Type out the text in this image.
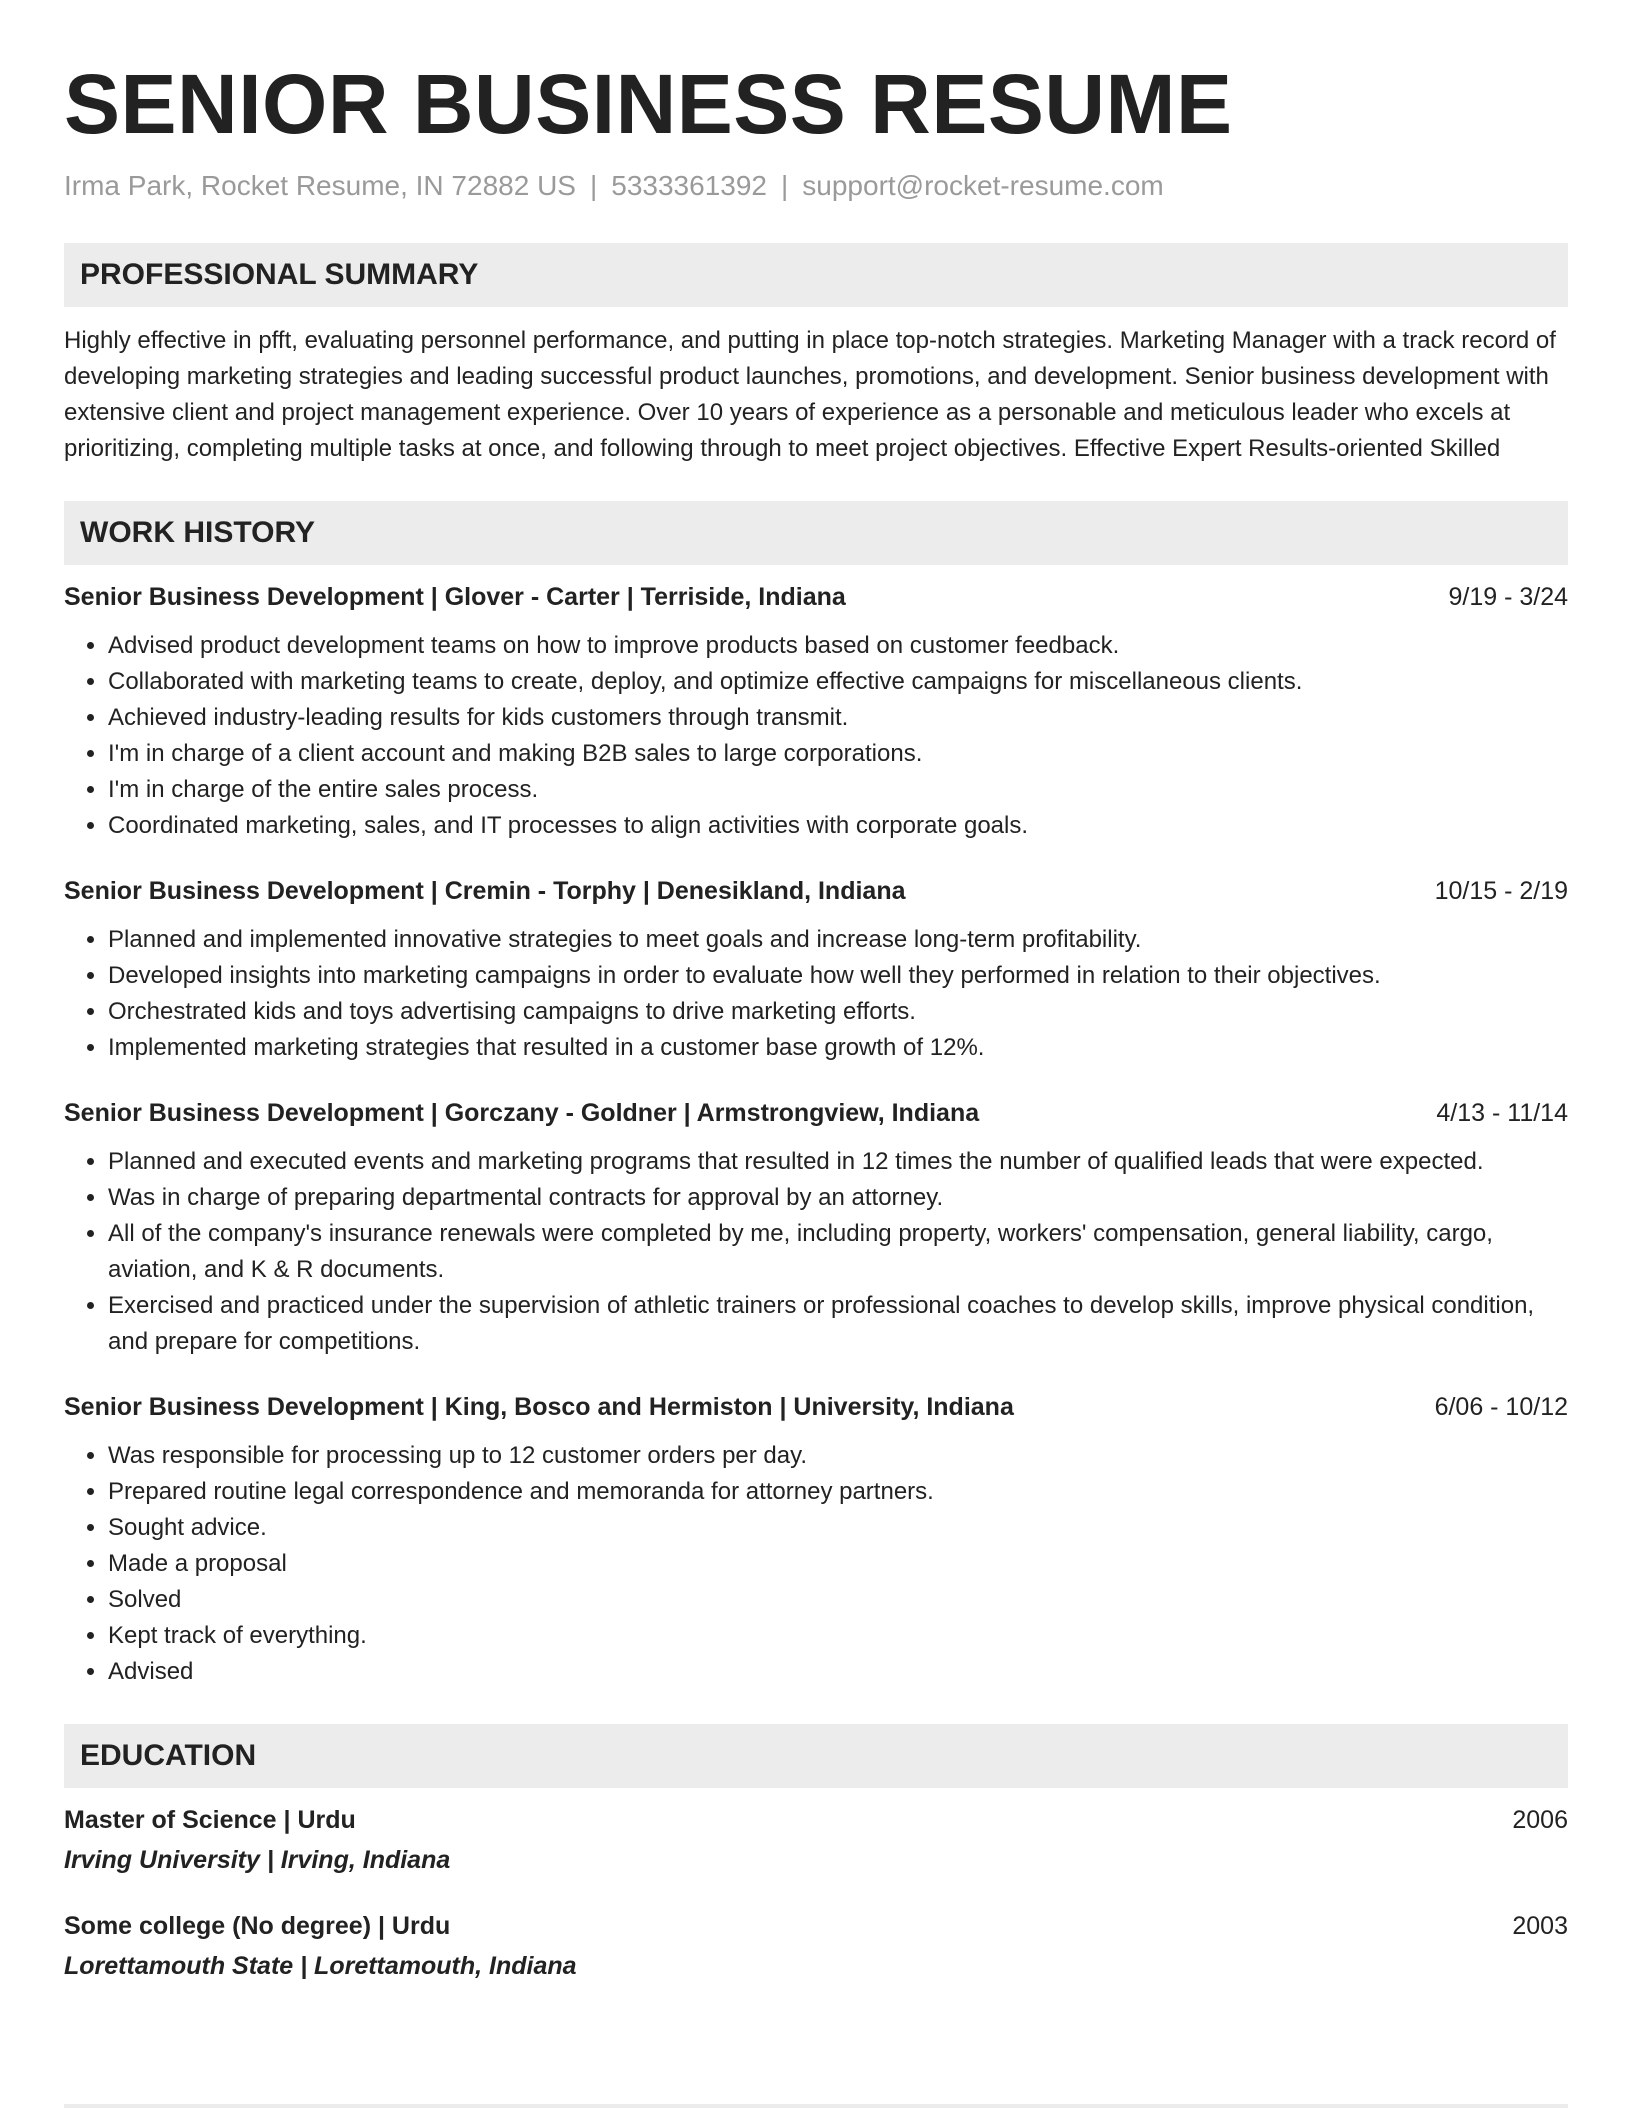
SENIOR BUSINESS RESUME
Irma Park, Rocket Resume, IN 72882 US | 5333361392 | support@rocket-resume.com
PROFESSIONAL SUMMARY
Highly effective in pfft, evaluating personnel performance, and putting in place top-notch strategies. Marketing Manager with a track record of developing marketing strategies and leading successful product launches, promotions, and development. Senior business development with extensive client and project management experience. Over 10 years of experience as a personable and meticulous leader who excels at prioritizing, completing multiple tasks at once, and following through to meet project objectives. Effective Expert Results-oriented Skilled
WORK HISTORY
Senior Business Development | Glover - Carter | Terriside, Indiana	9/19 - 3/24
• Advised product development teams on how to improve products based on customer feedback.
• Collaborated with marketing teams to create, deploy, and optimize effective campaigns for miscellaneous clients.
• Achieved industry-leading results for kids customers through transmit.
• I'm in charge of a client account and making B2B sales to large corporations.
• I'm in charge of the entire sales process.
• Coordinated marketing, sales, and IT processes to align activities with corporate goals.
Senior Business Development | Cremin - Torphy | Denesikland, Indiana	10/15 - 2/19
• Planned and implemented innovative strategies to meet goals and increase long-term profitability.
• Developed insights into marketing campaigns in order to evaluate how well they performed in relation to their objectives.
• Orchestrated kids and toys advertising campaigns to drive marketing efforts.
• Implemented marketing strategies that resulted in a customer base growth of 12%.
Senior Business Development | Gorczany - Goldner | Armstrongview, Indiana	4/13 - 11/14
• Planned and executed events and marketing programs that resulted in 12 times the number of qualified leads that were expected.
• Was in charge of preparing departmental contracts for approval by an attorney.
• All of the company's insurance renewals were completed by me, including property, workers' compensation, general liability, cargo, aviation, and K & R documents.
• Exercised and practiced under the supervision of athletic trainers or professional coaches to develop skills, improve physical condition, and prepare for competitions.
Senior Business Development | King, Bosco and Hermiston | University, Indiana	6/06 - 10/12
• Was responsible for processing up to 12 customer orders per day.
• Prepared routine legal correspondence and memoranda for attorney partners.
• Sought advice.
• Made a proposal
• Solved
• Kept track of everything.
• Advised
EDUCATION
Master of Science | Urdu	2006
Irving University | Irving, Indiana
Some college (No degree) | Urdu	2003
Lorettamouth State | Lorettamouth, Indiana
